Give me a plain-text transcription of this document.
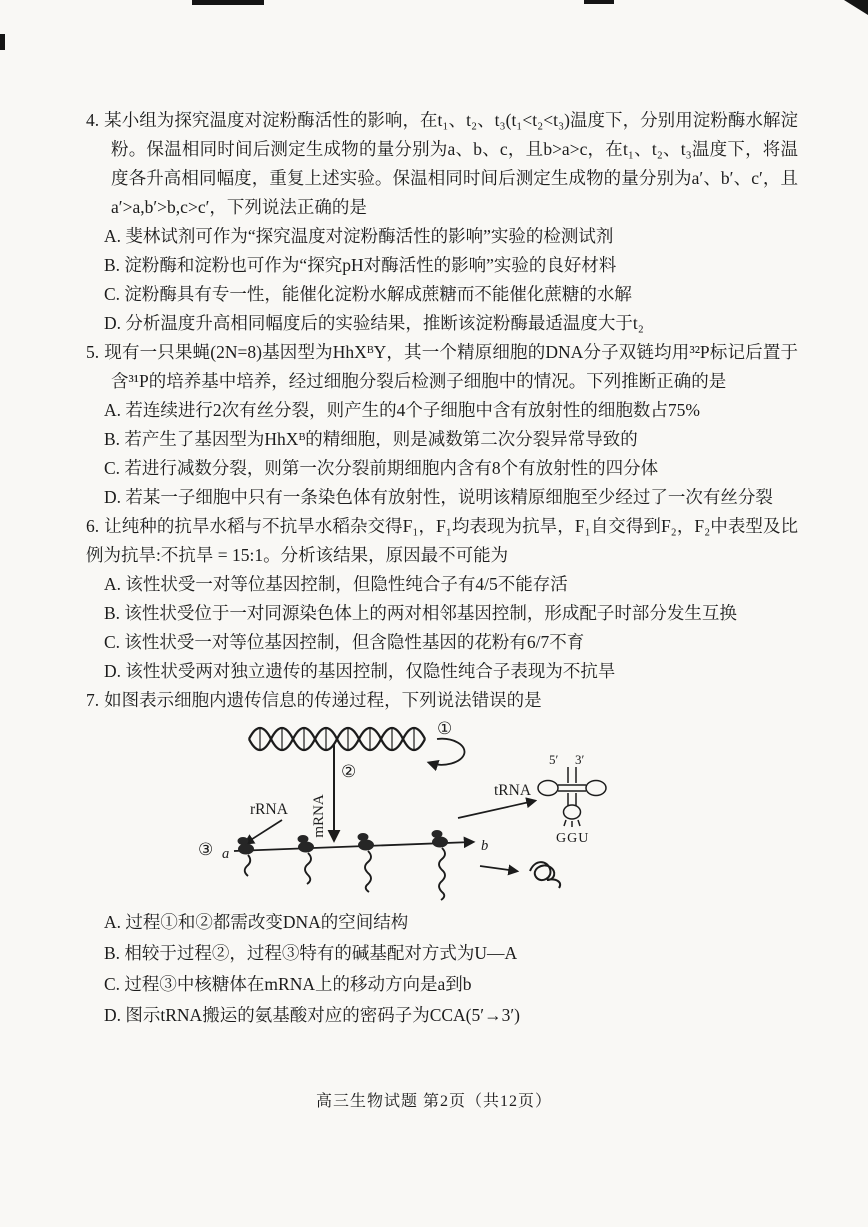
4. 某小组为探究温度对淀粉酶活性的影响，在t₁、t₂、t₃(t₁<t₂<t₃)温度下，分别用淀粉酶水解淀粉。保温相同时间后测定生成物的量分别为a、b、c，且b>a>c，在t₁、t₂、t₃温度下，将温度各升高相同幅度，重复上述实验。保温相同时间后测定生成物的量分别为a′、b′、c′，且a′>a,b′>b,c>c′，下列说法正确的是

A. 斐林试剂可作为“探究温度对淀粉酶活性的影响”实验的检测试剂

B. 淀粉酶和淀粉也可作为“探究pH对酶活性的影响”实验的良好材料

C. 淀粉酶具有专一性，能催化淀粉水解成蔗糖而不能催化蔗糖的水解

D. 分析温度升高相同幅度后的实验结果，推断该淀粉酶最适温度大于t₂

5. 现有一只果蝇(2N=8)基因型为HhXᴮY，其一个精原细胞的DNA分子双链均用³²P标记后置于含³¹P的培养基中培养，经过细胞分裂后检测子细胞中的情况。下列推断正确的是

A. 若连续进行2次有丝分裂，则产生的4个子细胞中含有放射性的细胞数占75%

B. 若产生了基因型为HhXᴮ的精细胞，则是减数第二次分裂异常导致的

C. 若进行减数分裂，则第一次分裂前期细胞内含有8个有放射性的四分体

D. 若某一子细胞中只有一条染色体有放射性，说明该精原细胞至少经过了一次有丝分裂

6. 让纯种的抗旱水稻与不抗旱水稻杂交得F₁，F₁均表现为抗旱，F₁自交得到F₂，F₂中表型及比例为抗旱:不抗旱 = 15:1。分析该结果，原因最不可能为

A. 该性状受一对等位基因控制，但隐性纯合子有4/5不能存活

B. 该性状受位于一对同源染色体上的两对相邻基因控制，形成配子时部分发生互换

C. 该性状受一对等位基因控制，但含隐性基因的花粉有6/7不育

D. 该性状受两对独立遗传的基因控制，仅隐性纯合子表现为不抗旱

7. 如图表示细胞内遗传信息的传递过程，下列说法错误的是

①
②
mRNA
tRNA
5′ 3′
GGU
rRNA
③ a	b

A. 过程①和②都需改变DNA的空间结构

B. 相较于过程②，过程③特有的碱基配对方式为U—A

C. 过程③中核糖体在mRNA上的移动方向是a到b

D. 图示tRNA搬运的氨基酸对应的密码子为CCA(5′→3′)

高三生物试题 第2页（共12页）
